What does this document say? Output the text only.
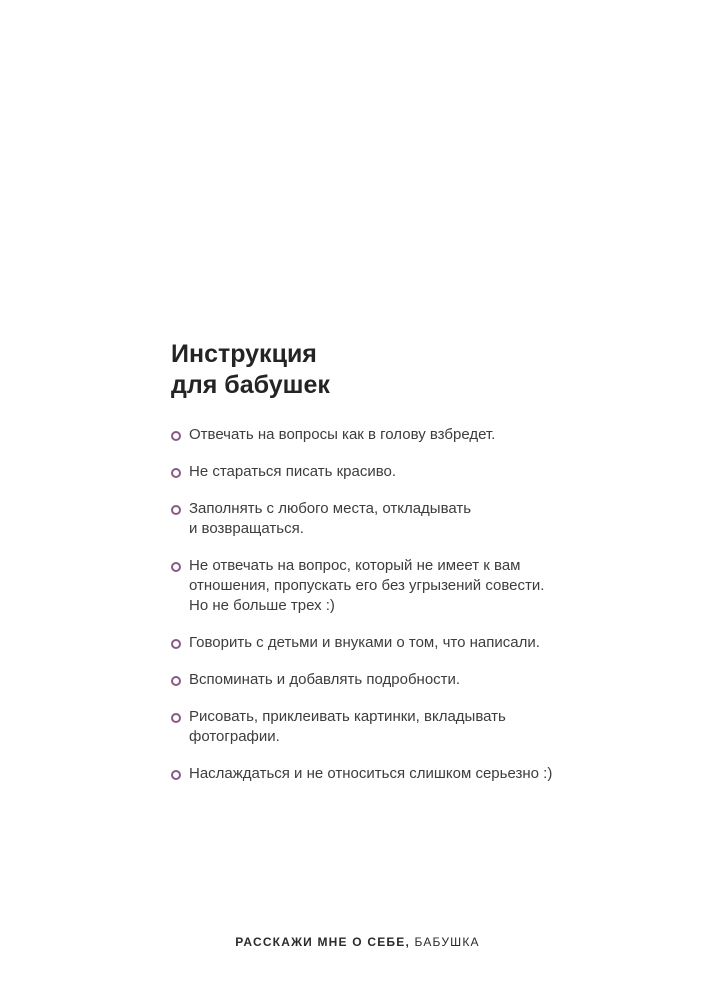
Инструкция
для бабушек
Отвечать на вопросы как в голову взбредет.
Не стараться писать красиво.
Заполнять с любого места, откладывать
и возвращаться.
Не отвечать на вопрос, который не имеет к вам
отношения, пропускать его без угрызений совести.
Но не больше трех :)
Говорить с детьми и внуками о том, что написали.
Вспоминать и добавлять подробности.
Рисовать, приклеивать картинки, вкладывать
фотографии.
Наслаждаться и не относиться слишком серьезно :)
РАССКАЖИ МНЕ О СЕБЕ, БАБУШКА
